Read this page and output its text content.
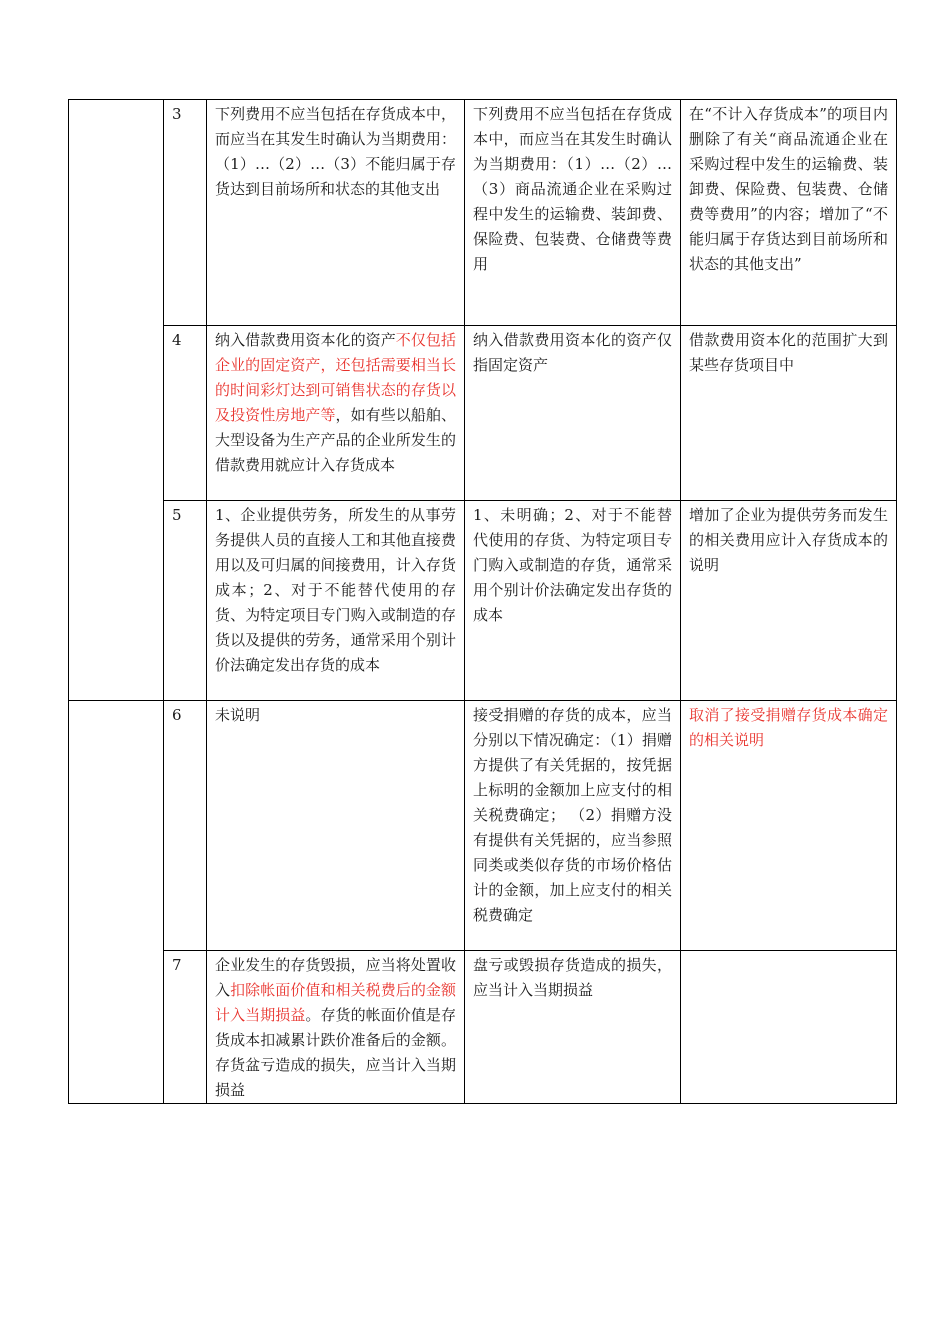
	3	下列费用不应当包括在存货成本中，而应当在其发生时确认为当期费用：（1）…（2）…（3）不能归属于存货达到目前场所和状态的其他支出	下列费用不应当包括在存货成本中，而应当在其发生时确认为当期费用：（1）…（2）…（3）商品流通企业在采购过程中发生的运输费、装卸费、保险费、包装费、仓储费等费用	在“不计入存货成本”的项目内删除了有关“商品流通企业在采购过程中发生的运输费、装卸费、保险费、包装费、仓储费等费用”的内容；增加了“不能归属于存货达到目前场所和状态的其他支出”
	4	纳入借款费用资本化的资产不仅包括企业的固定资产，还包括需要相当长的时间彩灯达到可销售状态的存货以及投资性房地产等，如有些以船舶、大型设备为生产产品的企业所发生的借款费用就应计入存货成本	纳入借款费用资本化的资产仅指固定资产	借款费用资本化的范围扩大到某些存货项目中
	5	1、企业提供劳务，所发生的从事劳务提供人员的直接人工和其他直接费用以及可归属的间接费用，计入存货成本；2、对于不能替代使用的存货、为特定项目专门购入或制造的存货以及提供的劳务，通常采用个别计价法确定发出存货的成本	1、未明确；2、对于不能替代使用的存货、为特定项目专门购入或制造的存货，通常采用个别计价法确定发出存货的成本	增加了企业为提供劳务而发生的相关费用应计入存货成本的说明
	6	未说明	接受捐赠的存货的成本，应当分别以下情况确定：（1）捐赠方提供了有关凭据的，按凭据上标明的金额加上应支付的相关税费确定； （2）捐赠方没有提供有关凭据的，应当参照同类或类似存货的市场价格估计的金额，加上应支付的相关税费确定	取消了接受捐赠存货成本确定的相关说明
	7	企业发生的存货毁损，应当将处置收入扣除帐面价值和相关税费后的金额计入当期损益。存货的帐面价值是存货成本扣减累计跌价准备后的金额。存货盆亏造成的损失，应当计入当期损益	盘亏或毁损存货造成的损失，应当计入当期损益	
